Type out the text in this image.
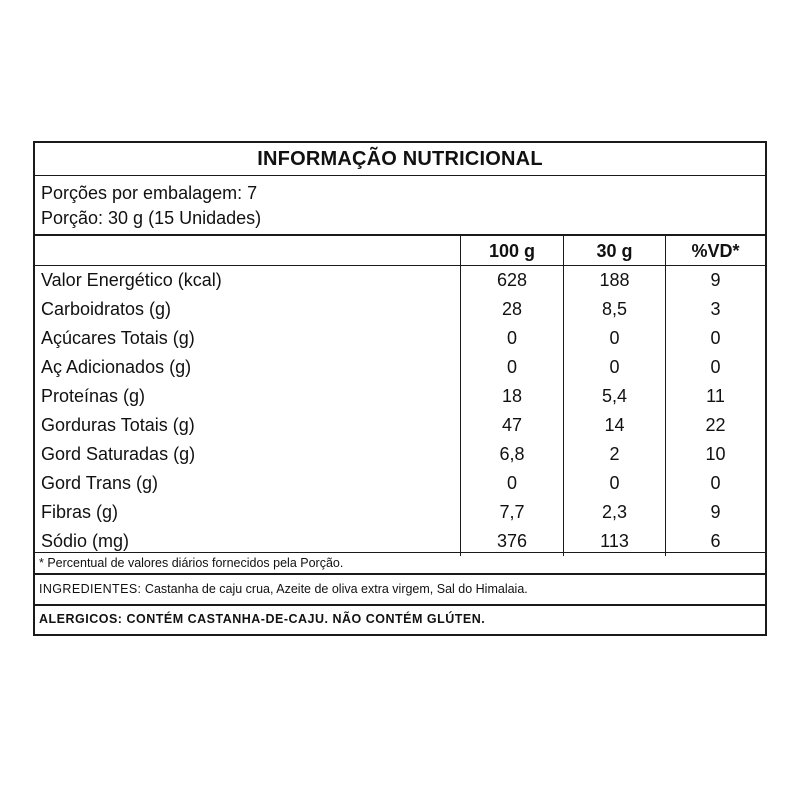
INFORMAÇÃO NUTRICIONAL
Porções por embalagem: 7
Porção: 30 g (15 Unidades)
100 g	30 g	%VD*
Valor Energético (kcal)	628	188	9
Carboidratos (g)	28	8,5	3
Açúcares Totais (g)	0	0	0
Aç Adicionados (g)	0	0	0
Proteínas (g)	18	5,4	11
Gorduras Totais (g)	47	14	22
Gord Saturadas (g)	6,8	2	10
Gord Trans (g)	0	0	0
Fibras (g)	7,7	2,3	9
Sódio (mg)	376	113	6
* Percentual de valores diários fornecidos pela Porção.
INGREDIENTES: Castanha de caju crua, Azeite de oliva extra virgem, Sal do Himalaia.
ALERGICOS: CONTÉM CASTANHA-DE-CAJU. NÃO CONTÉM GLÚTEN.
